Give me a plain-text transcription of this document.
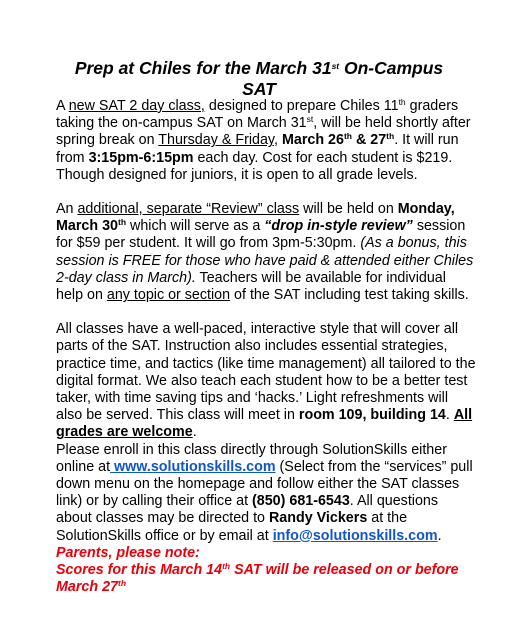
Prep at Chiles for the March 31st On-Campus SAT

A new SAT 2 day class, designed to prepare Chiles 11th graders taking the on-campus SAT on March 31st, will be held shortly after spring break on Thursday & Friday, March 26th & 27th. It will run from 3:15pm-6:15pm each day. Cost for each student is $219. Though designed for juniors, it is open to all grade levels.

An additional, separate “Review” class will be held on Monday, March 30th which will serve as a “drop in-style review” session for $59 per student. It will go from 3pm-5:30pm. (As a bonus, this session is FREE for those who have paid & attended either Chiles 2-day class in March). Teachers will be available for individual help on any topic or section of the SAT including test taking skills.

All classes have a well-paced, interactive style that will cover all parts of the SAT. Instruction also includes essential strategies, practice time, and tactics (like time management) all tailored to the digital format. We also teach each student how to be a better test taker, with time saving tips and ‘hacks.’ Light refreshments will also be served. This class will meet in room 109, building 14. All grades are welcome.

Please enroll in this class directly through SolutionSkills either online at www.solutionskills.com (Select from the “services” pull down menu on the homepage and follow either the SAT classes link) or by calling their office at (850) 681-6543. All questions about classes may be directed to Randy Vickers at the SolutionSkills office or by email at info@solutionskills.com.

Parents, please note:

Scores for this March 14th SAT will be released on or before March 27th
